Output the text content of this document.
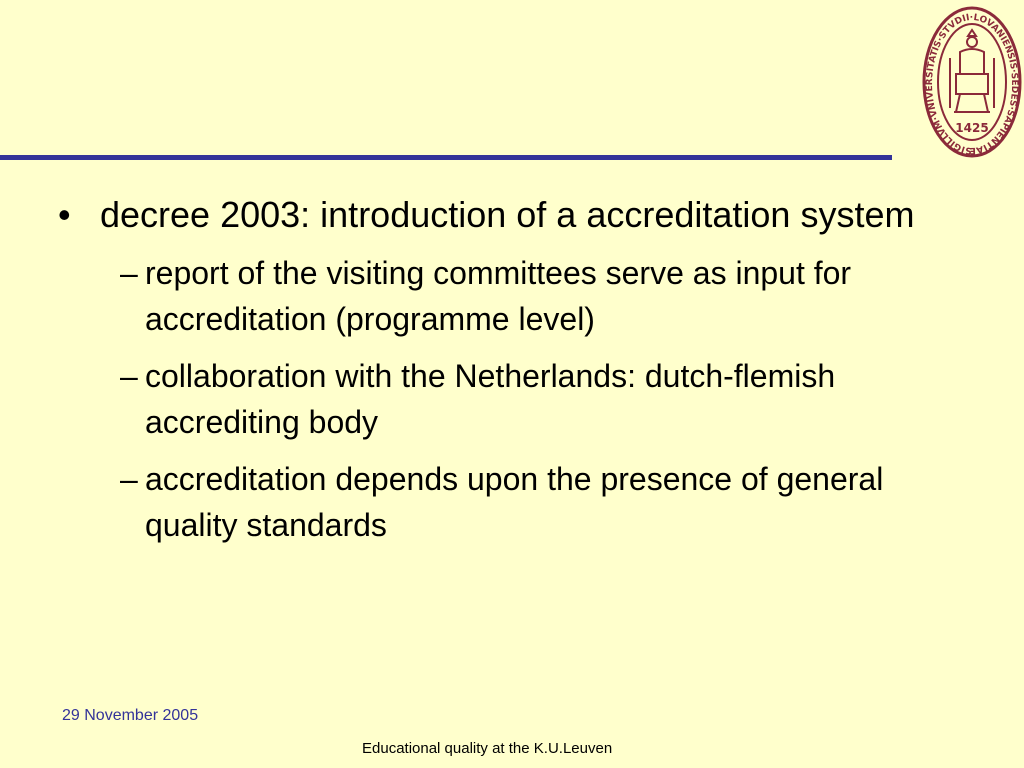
SIGILLVM·VNIVERSITATIS·STVDII·LOVANIENSIS·SEDES·SAPIENTIAE
1425
• decree 2003: introduction of a accreditation system
– report of the visiting committees serve as input for accreditation (programme level)
– collaboration with the Netherlands: dutch-flemish accrediting body
– accreditation depends upon the presence of general quality standards
29 November 2005
Educational quality at the K.U.Leuven
